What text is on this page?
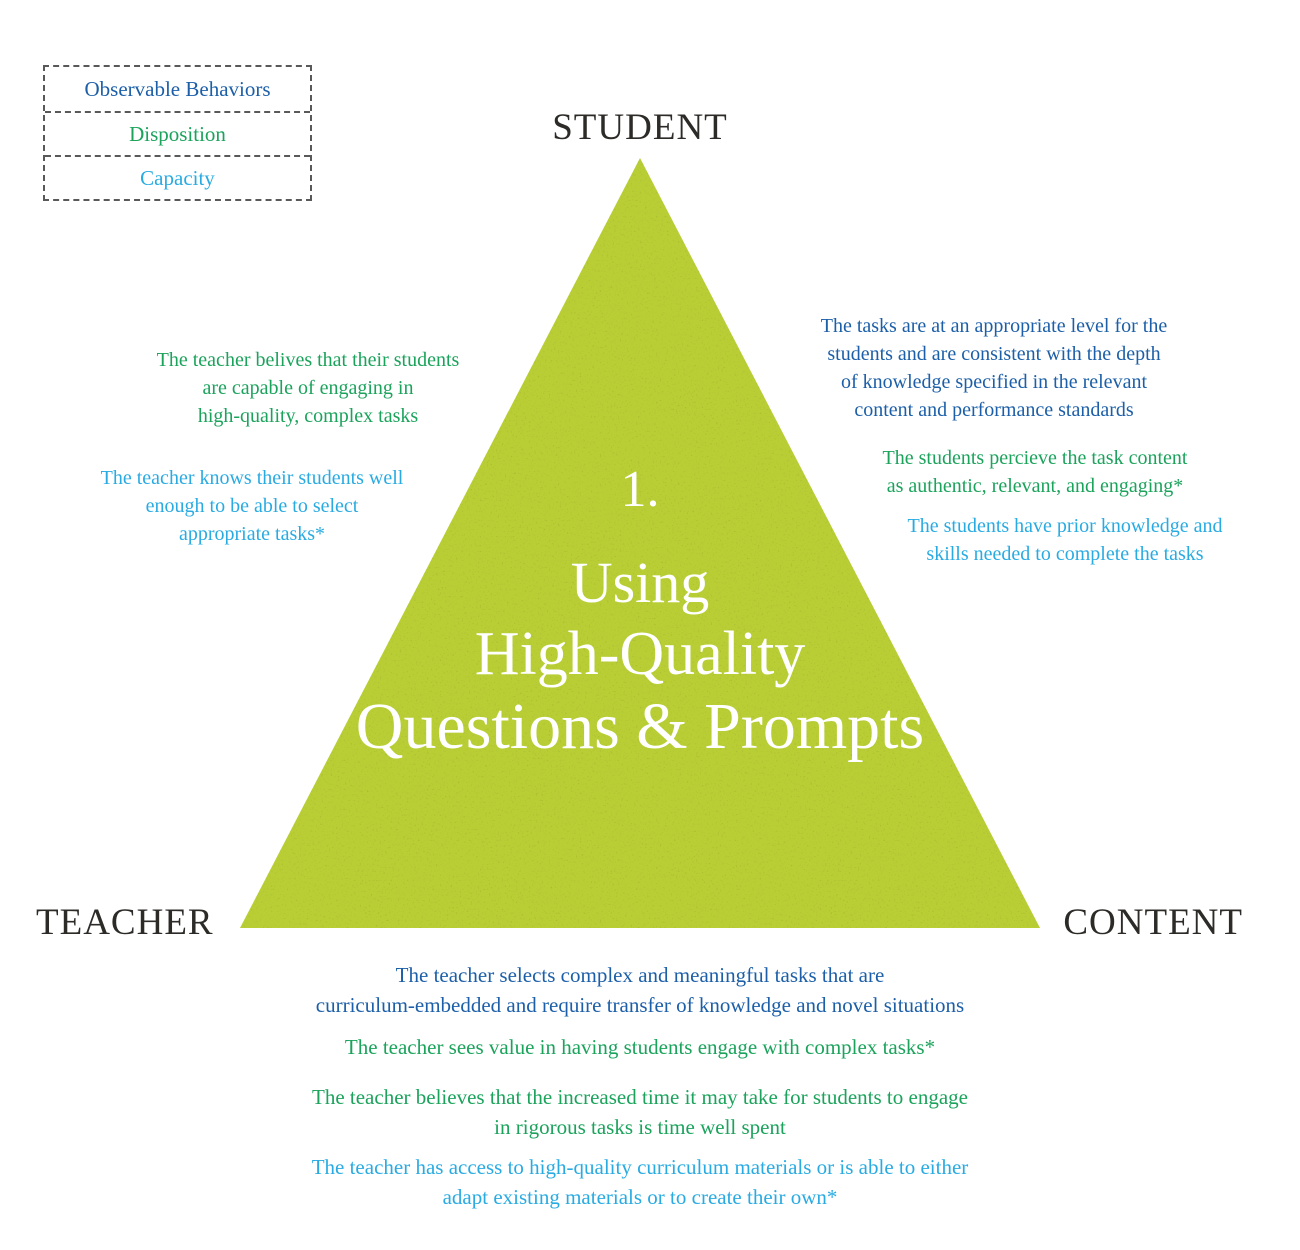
Observable Behaviors
Disposition
Capacity
STUDENT
TEACHER	CONTENT
1.
Using
High-Quality
Questions & Prompts
The teacher belives that their students
are capable of engaging in
high-quality, complex tasks
The teacher knows their students well
enough to be able to select
appropriate tasks*
The tasks are at an appropriate level for the
students and are consistent with the depth
of knowledge specified in the relevant
content and performance standards
The students percieve the task content
as authentic, relevant, and engaging*
The students have prior knowledge and
skills needed to complete the tasks
The teacher selects complex and meaningful tasks that are
curriculum-embedded and require transfer of knowledge and novel situations
The teacher sees value in having students engage with complex tasks*
The teacher believes that the increased time it may take for students to engage
in rigorous tasks is time well spent
The teacher has access to high-quality curriculum materials or is able to either
adapt existing materials or to create their own*
